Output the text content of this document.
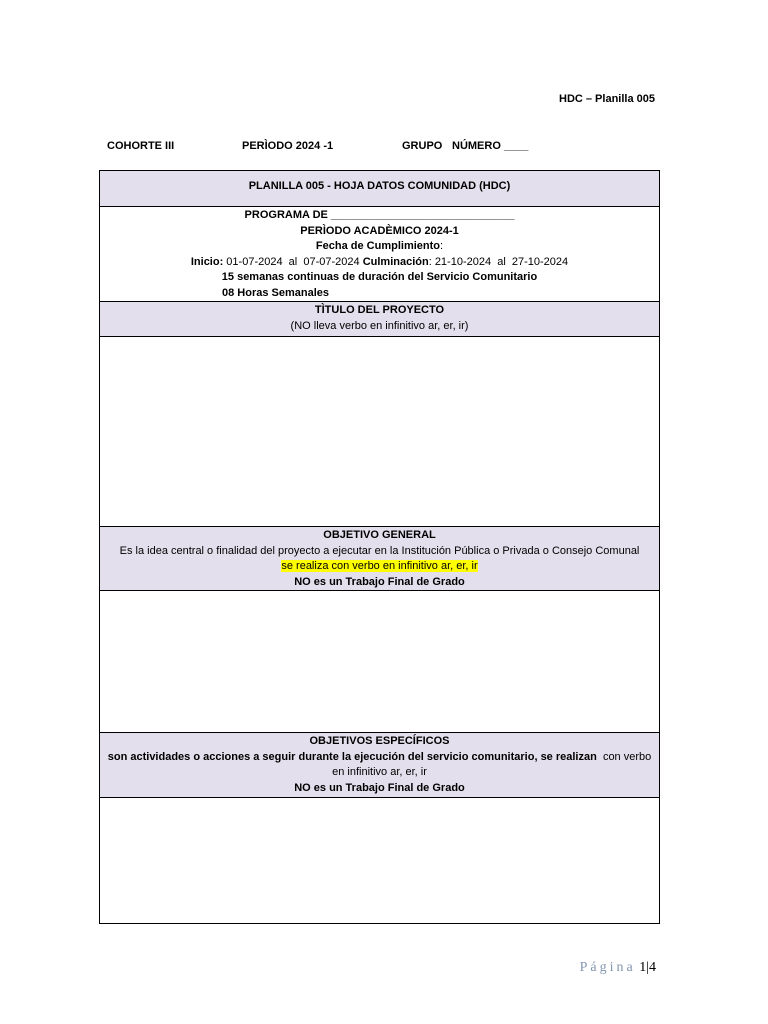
HDC – Planilla 005
COHORTE III	PERÌODO 2024 -1	GRUPO NÚMERO ____
PLANILLA 005 - HOJA DATOS COMUNIDAD (HDC)
PROGRAMA DE ______________________________
PERÌODO ACADÈMICO 2024-1
Fecha de Cumplimiento:
Inicio: 01-07-2024  al  07-07-2024 Culminación: 21-10-2024  al  27-10-2024
15 semanas continuas de duración del Servicio Comunitario
08 Horas Semanales
TÌTULO DEL PROYECTO
(NO lleva verbo en infinitivo ar, er, ir)
OBJETIVO GENERAL
Es la idea central o finalidad del proyecto a ejecutar en la Institución Pública o Privada o Consejo Comunal
se realiza con verbo en infinitivo ar, er, ir
NO es un Trabajo Final de Grado
OBJETIVOS ESPECÍFICOS
son actividades o acciones a seguir durante la ejecución del servicio comunitario, se realizan  con verbo en infinitivo ar, er, ir
NO es un Trabajo Final de Grado
Página 1|4
